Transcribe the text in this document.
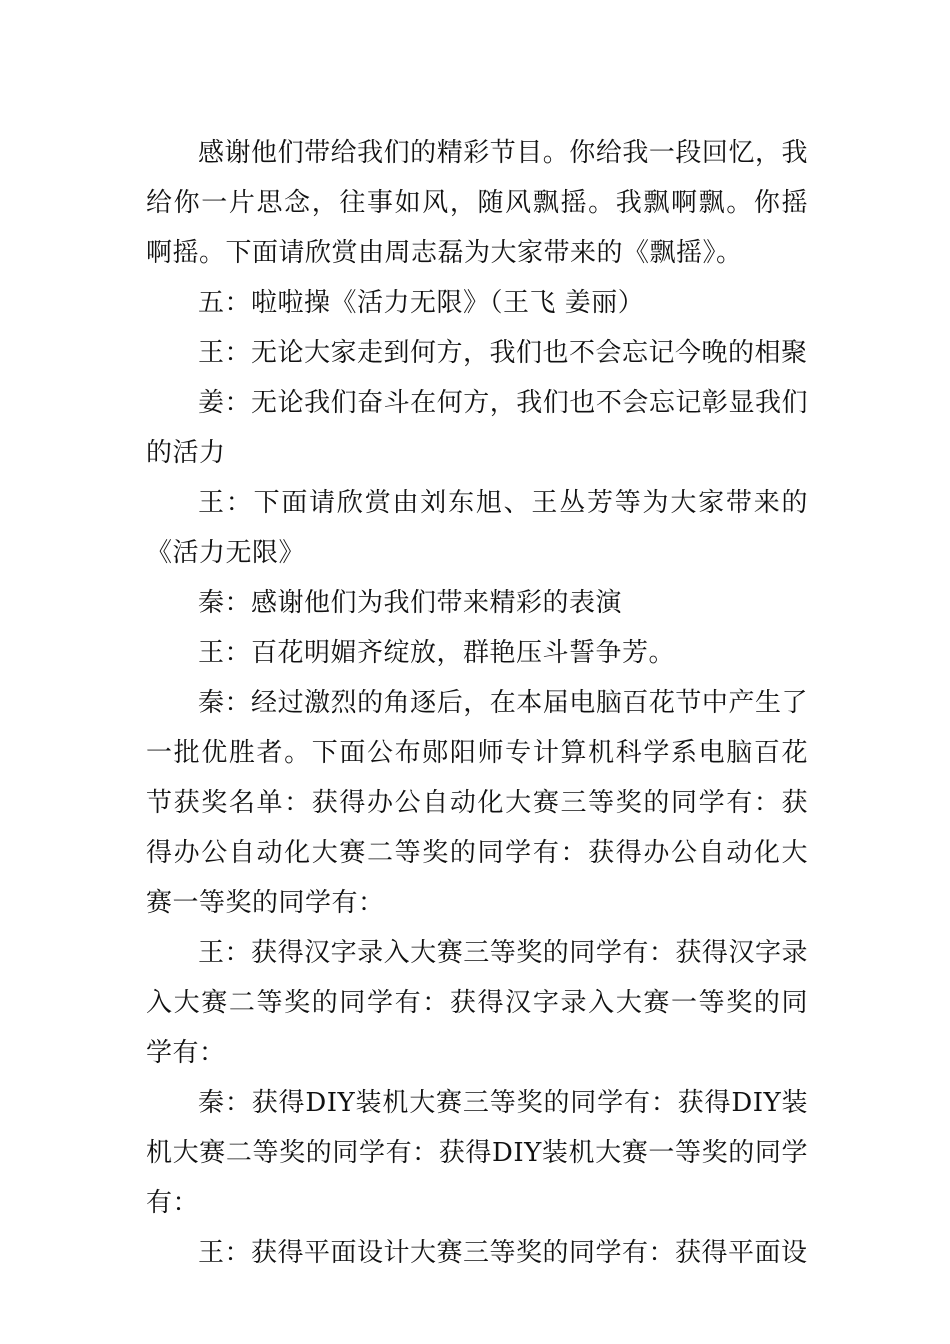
感谢他们带给我们的精彩节目。你给我一段回忆，我给你一片思念，往事如风，随风飘摇。我飘啊飘。你摇啊摇。下面请欣赏由周志磊为大家带来的《飘摇》。

五：啦啦操《活力无限》（王飞 姜丽）

王：无论大家走到何方，我们也不会忘记今晚的相聚

姜：无论我们奋斗在何方，我们也不会忘记彰显我们的活力

王：下面请欣赏由刘东旭、王丛芳等为大家带来的《活力无限》

秦：感谢他们为我们带来精彩的表演

王：百花明媚齐绽放，群艳压斗誓争芳。

秦：经过激烈的角逐后，在本届电脑百花节中产生了一批优胜者。下面公布郧阳师专计算机科学系电脑百花节获奖名单：获得办公自动化大赛三等奖的同学有：获得办公自动化大赛二等奖的同学有：获得办公自动化大赛一等奖的同学有：

王：获得汉字录入大赛三等奖的同学有：获得汉字录入大赛二等奖的同学有：获得汉字录入大赛一等奖的同学有：

秦：获得DIY装机大赛三等奖的同学有：获得DIY装机大赛二等奖的同学有：获得DIY装机大赛一等奖的同学有：

王：获得平面设计大赛三等奖的同学有：获得平面设
